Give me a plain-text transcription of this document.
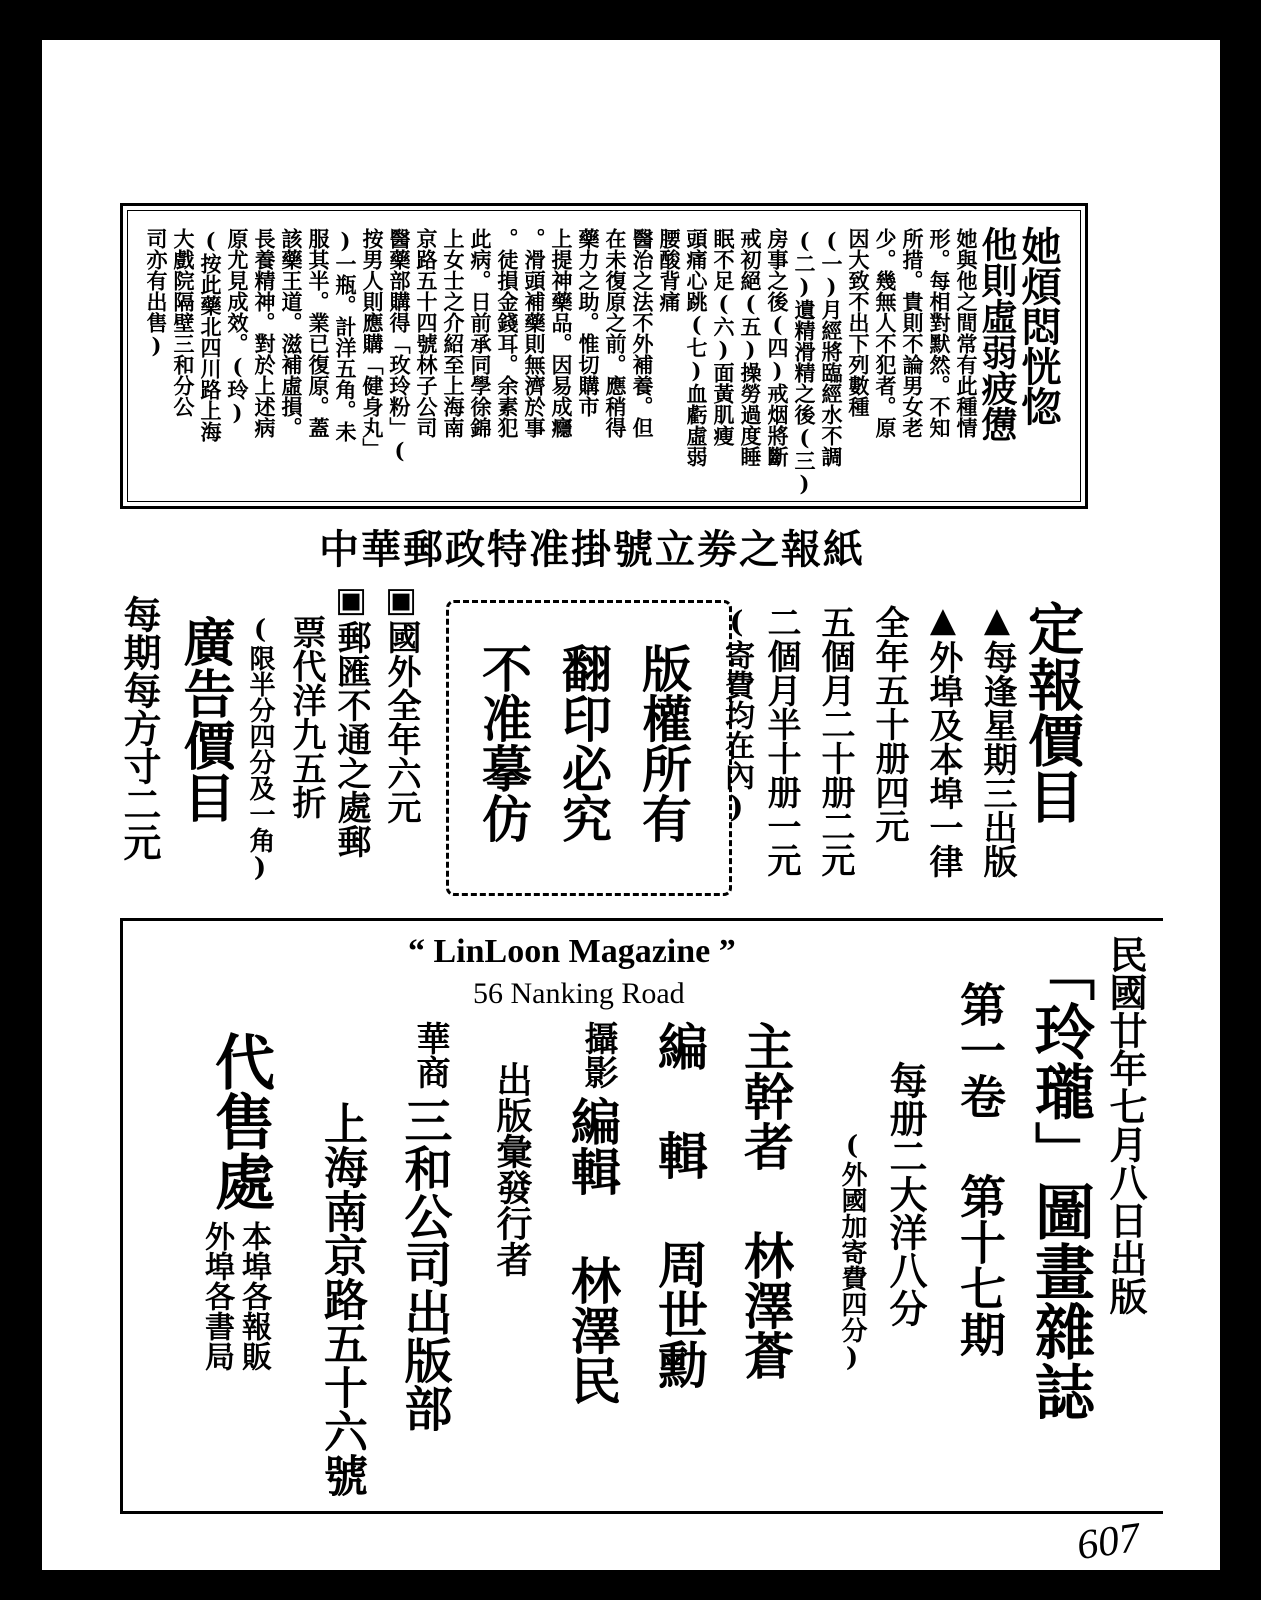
她煩悶恍惚
他則虛弱疲憊
她與他之間常有此種情
形。每相對默然。不知
所措。貴則不論男女老
少。幾無人不犯者。原
因大致不出下列數種
(一)月經將臨經水不調
(二)遺精滑精之後(三)
房事之後(四)戒烟將斷
戒初絕(五)操勞過度睡
眠不足(六)面黃肌瘦
頭痛心跳(七)血虧虛弱
腰酸背痛
醫治之法不外補養。但
在未復原之前。應稍得
藥力之助。惟切購市
上提神藥品。因易成癮
。滑頭補藥則無濟於事
。徒損金錢耳。余素犯
此病。日前承同學徐錦
上女士之介紹至上海南
京路五十四號林子公司
醫藥部購得「玫玲粉」(
按男人則應購「健身丸」
)一瓶。計洋五角。未
服其半。業已復原。蓋
該藥王道。滋補虛損。
長養精神。對於上述病
原尤見成效。(玲)
(按此藥北四川路上海
大戲院隔壁三和分公
司亦有出售)
中華郵政特准掛號立劵之報紙
定報價目
▲每逢星期三出版
▲外埠及本埠一律
全年五十册四元
五個月二十册二元
二個月半十册一元
(寄費均在內)
版權所有
翻印必究
不准摹仿
▣國外全年六元
▣郵匯不通之處郵
票代洋九五折
(限半分四分及一角)
廣告價目
每期每方寸二元
民國廿年七月八日出版
「玲瓏」圖畫雜誌
第一卷 第十七期
每册二大洋八分
(外國加寄費四分)
“ LinLoon Magazine ”
56 Nanking Road
主幹者 林澤蒼
編 輯 周世勳
攝影
編輯 林澤民
出版彙發行者
華商
三和公司出版部
上海南京路五十六號
代售處
本埠各報販
外埠各書局
607
